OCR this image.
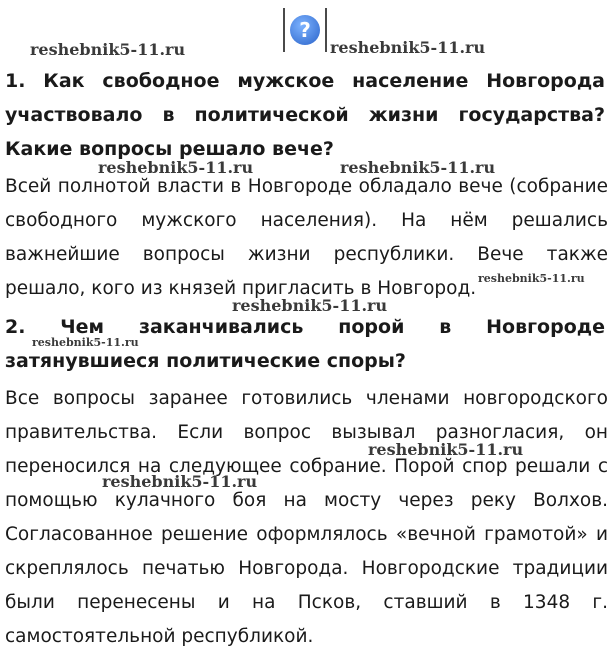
?
reshebnik5-11.ru	reshebnik5-11.ru

1. Как свободное мужское население Новгорода участвовало в политической жизни государства? Какие вопросы решало вече?

reshebnik5-11.ru	reshebnik5-11.ru

Всей полнотой власти в Новгороде обладало вече (собрание свободного мужского населения). На нём решались важнейшие вопросы жизни республики. Вече также решало, кого из князей пригласить в Новгород. reshebnik5-11.ru
reshebnik5-11.ru

2. Чем заканчивались порой в Новгороде затянувшиеся политические споры?

reshebnik5-11.ru

Все вопросы заранее готовились членами новгородского правительства. Если вопрос вызывал разногласия, он переносился на следующее собрание. Порой спор решали с помощью кулачного боя на мосту через реку Волхов. Согласованное решение оформлялось «вечной грамотой» и скреплялось печатью Новгорода. Новгородские традиции были перенесены и на Псков, ставший в 1348 г. самостоятельной республикой.

reshebnik5-11.ru
reshebnik5-11.ru
